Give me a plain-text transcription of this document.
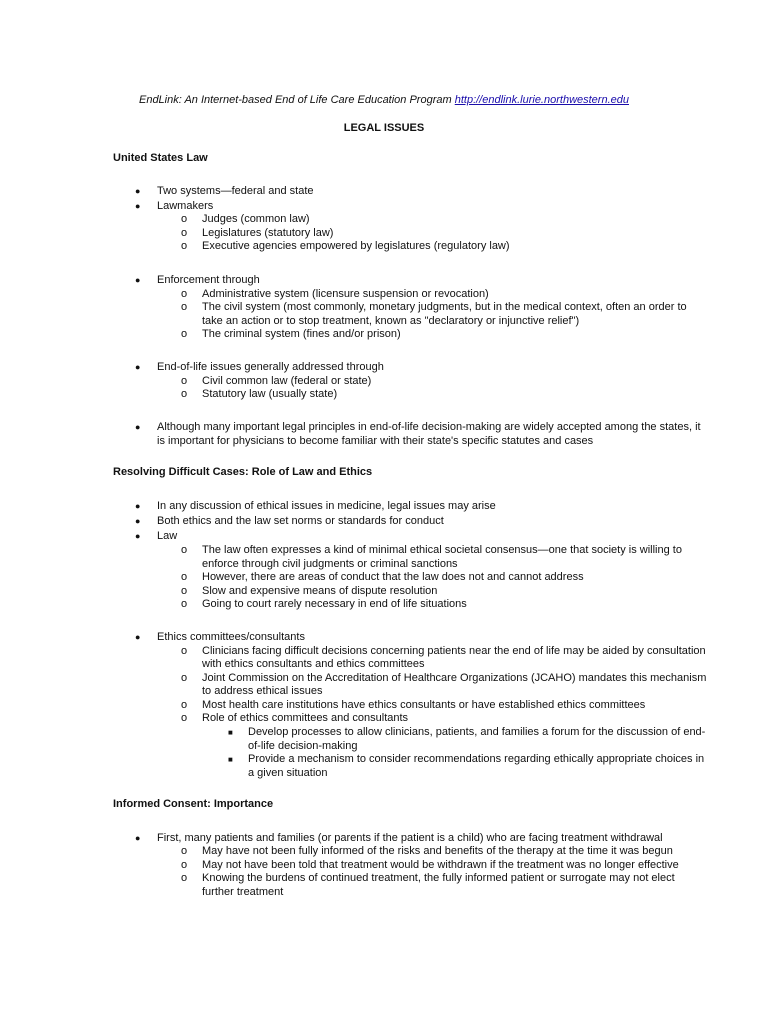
EndLink: An Internet-based End of Life Care Education Program http://endlink.lurie.northwestern.edu
LEGAL ISSUES
United States Law
● Two systems—federal and state
● Lawmakers
o Judges (common law)
o Legislatures (statutory law)
o Executive agencies empowered by legislatures (regulatory law)
● Enforcement through
o Administrative system (licensure suspension or revocation)
o The civil system (most commonly, monetary judgments, but in the medical context, often an order to
take an action or to stop treatment, known as "declaratory or injunctive relief")
o The criminal system (fines and/or prison)
● End-of-life issues generally addressed through
o Civil common law (federal or state)
o Statutory law (usually state)
● Although many important legal principles in end-of-life decision-making are widely accepted among the states, it
is important for physicians to become familiar with their state's specific statutes and cases
Resolving Difficult Cases: Role of Law and Ethics
● In any discussion of ethical issues in medicine, legal issues may arise
● Both ethics and the law set norms or standards for conduct
● Law
o The law often expresses a kind of minimal ethical societal consensus—one that society is willing to
enforce through civil judgments or criminal sanctions
o However, there are areas of conduct that the law does not and cannot address
o Slow and expensive means of dispute resolution
o Going to court rarely necessary in end of life situations
● Ethics committees/consultants
o Clinicians facing difficult decisions concerning patients near the end of life may be aided by consultation
with ethics consultants and ethics committees
o Joint Commission on the Accreditation of Healthcare Organizations (JCAHO) mandates this mechanism
to address ethical issues
o Most health care institutions have ethics consultants or have established ethics committees
o Role of ethics committees and consultants
■ Develop processes to allow clinicians, patients, and families a forum for the discussion of end-
of-life decision-making
■ Provide a mechanism to consider recommendations regarding ethically appropriate choices in
a given situation
Informed Consent: Importance
● First, many patients and families (or parents if the patient is a child) who are facing treatment withdrawal
o May have not been fully informed of the risks and benefits of the therapy at the time it was begun
o May not have been told that treatment would be withdrawn if the treatment was no longer effective
o Knowing the burdens of continued treatment, the fully informed patient or surrogate may not elect
further treatment
